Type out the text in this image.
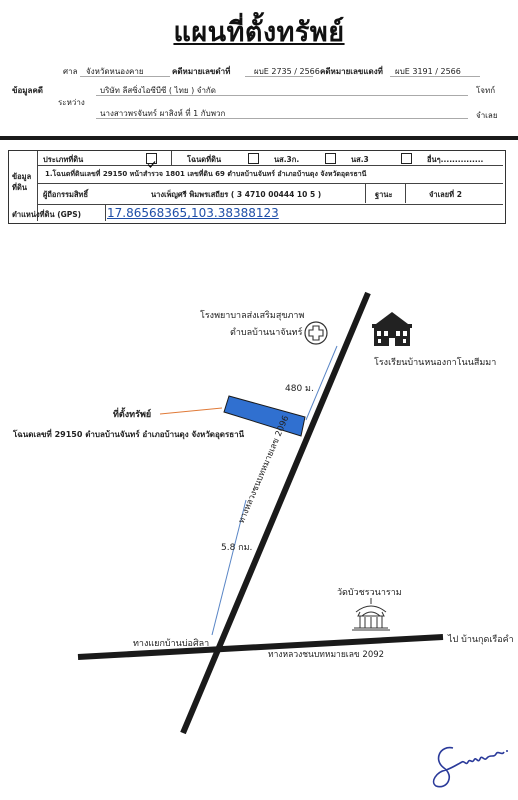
แผนที่ตั้งทรัพย์
ศาล จังหวัดหนองคาย	คดีหมายเลขดำที่	ผบE 2735 / 2566 คดีหมายเลขแดงที่ ผบE 3191 / 2566
ข้อมูลคดี
ระหว่าง
บริษัท ลีสซิ่งไอซีบีซี ( ไทย ) จำกัด	โจทก์
นางสาวพรจันทร์ ผาสิงห์ ที่ 1 กับพวก	จำเลย
ข้อมูลที่ดิน
ประเภทที่ดิน	โฉนดที่ดิน	นส.3ก.	นส.3	อื่นๆ...............
1.โฉนดที่ดินเลขที่ 29150 หน้าสำรวจ 1801 เลขที่ดิน 69 ตำบลบ้านจันทร์ อำเภอบ้านดุง จังหวัดอุดรธานี
ผู้ถือกรรมสิทธิ์	นางเพ็ญศรี พิมพรเสถียร ( 3 4710 00444 10 5 )	ฐานะ	จำเลยที่ 2
ตำแหน่งที่ดิน (GPS) 17.86568365,103.38388123
โรงพยาบาลส่งเสริมสุขภาพ
ตำบลบ้านนาจันทร์
โรงเรียนบ้านหนองกาโนนสีมมา
480 ม.
ที่ตั้งทรัพย์
โฉนดเลขที่ 29150 ตำบลบ้านจันทร์ อำเภอบ้านดุง จังหวัดอุดรธานี
ทางหลวงชนบทหมายเลข 2096
5.8 กม.
วัดบัวชรวนาราม
ทางแยกบ้านบ่อศิลา	ไป บ้านกุดเรือคำ
ทางหลวงชนบทหมายเลข 2092
